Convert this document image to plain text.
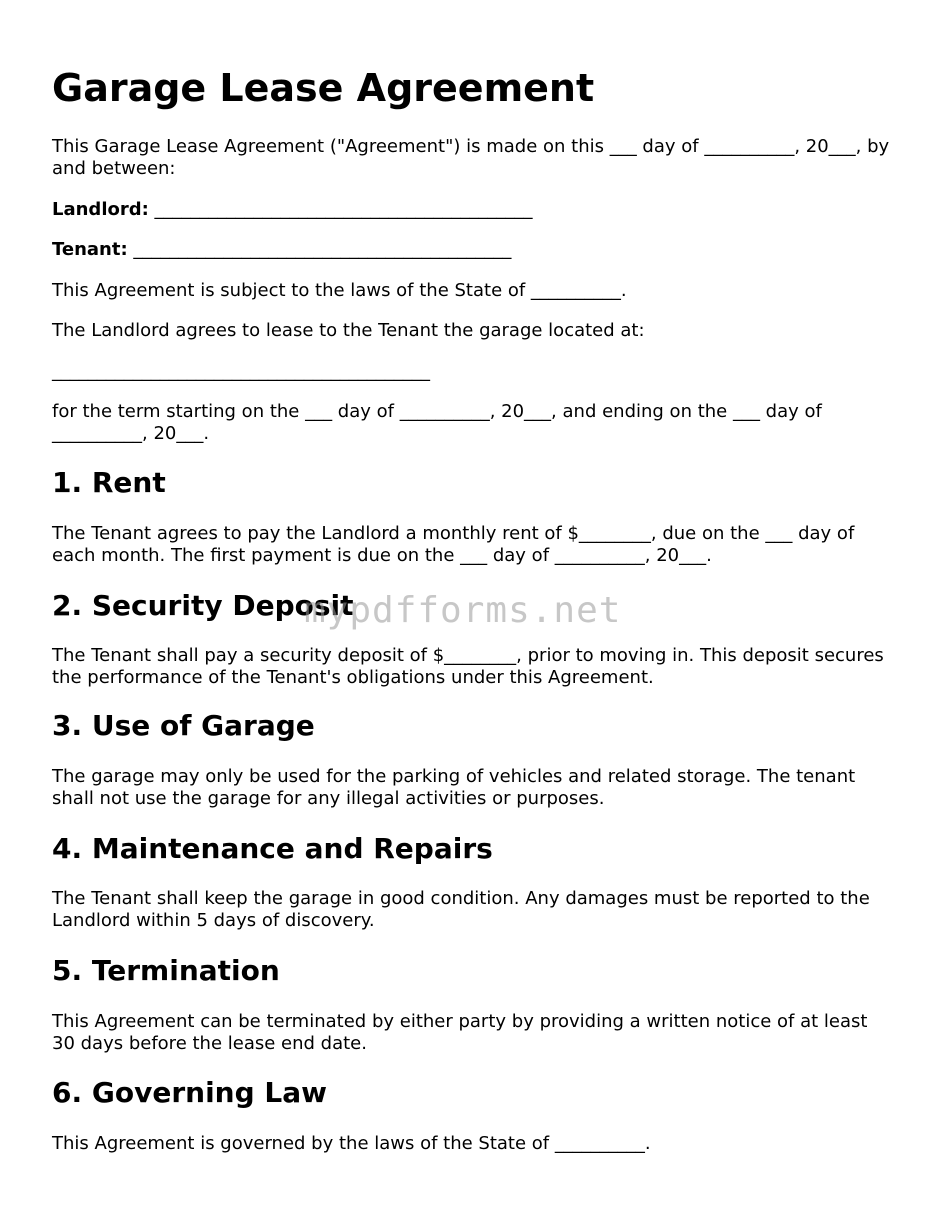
Garage Lease Agreement

This Garage Lease Agreement ("Agreement") is made on this ___ day of __________, 20___, by and between:

Landlord: __________________________________________

Tenant: __________________________________________

This Agreement is subject to the laws of the State of __________.

The Landlord agrees to lease to the Tenant the garage located at:

__________________________________________

for the term starting on the ___ day of __________, 20___, and ending on the ___ day of __________, 20___.

1. Rent

The Tenant agrees to pay the Landlord a monthly rent of $________, due on the ___ day of each month. The first payment is due on the ___ day of __________, 20___.

2. Security Deposit

The Tenant shall pay a security deposit of $________, prior to moving in. This deposit secures the performance of the Tenant's obligations under this Agreement.

3. Use of Garage

The garage may only be used for the parking of vehicles and related storage. The tenant shall not use the garage for any illegal activities or purposes.

4. Maintenance and Repairs

The Tenant shall keep the garage in good condition. Any damages must be reported to the Landlord within 5 days of discovery.

5. Termination

This Agreement can be terminated by either party by providing a written notice of at least 30 days before the lease end date.

6. Governing Law

This Agreement is governed by the laws of the State of __________.

mypdfforms.net
